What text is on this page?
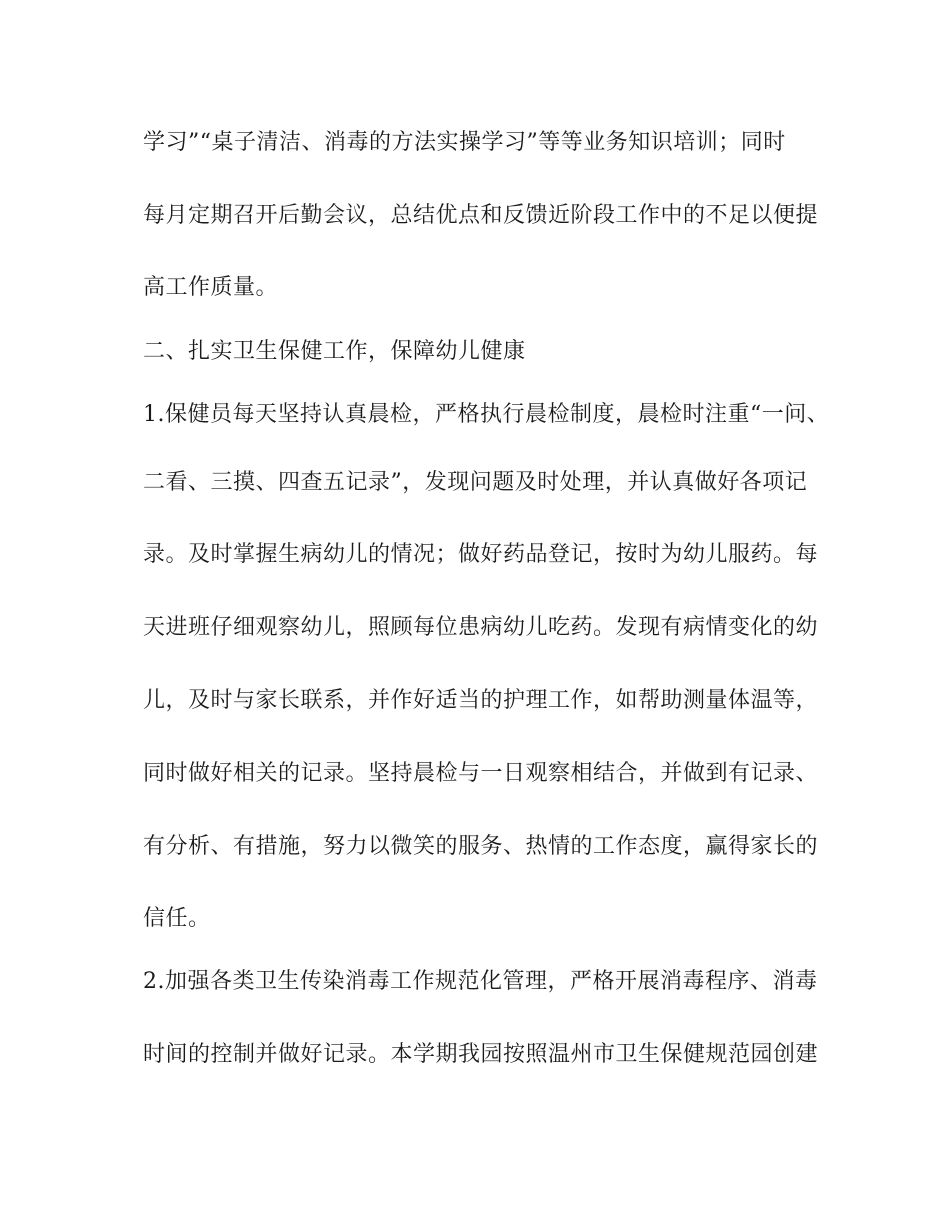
学习”“桌子清洁、消毒的方法实操学习”等等业务知识培训；同时
每月定期召开后勤会议，总结优点和反馈近阶段工作中的不足以便提
高工作质量。
二、扎实卫生保健工作，保障幼儿健康
1.保健员每天坚持认真晨检，严格执行晨检制度，晨检时注重“一问、
二看、三摸、四查五记录”，发现问题及时处理，并认真做好各项记
录。及时掌握生病幼儿的情况；做好药品登记，按时为幼儿服药。每
天进班仔细观察幼儿，照顾每位患病幼儿吃药。发现有病情变化的幼
儿，及时与家长联系，并作好适当的护理工作，如帮助测量体温等，
同时做好相关的记录。坚持晨检与一日观察相结合，并做到有记录、
有分析、有措施，努力以微笑的服务、热情的工作态度，赢得家长的
信任。
2.加强各类卫生传染消毒工作规范化管理，严格开展消毒程序、消毒
时间的控制并做好记录。本学期我园按照温州市卫生保健规范园创建
